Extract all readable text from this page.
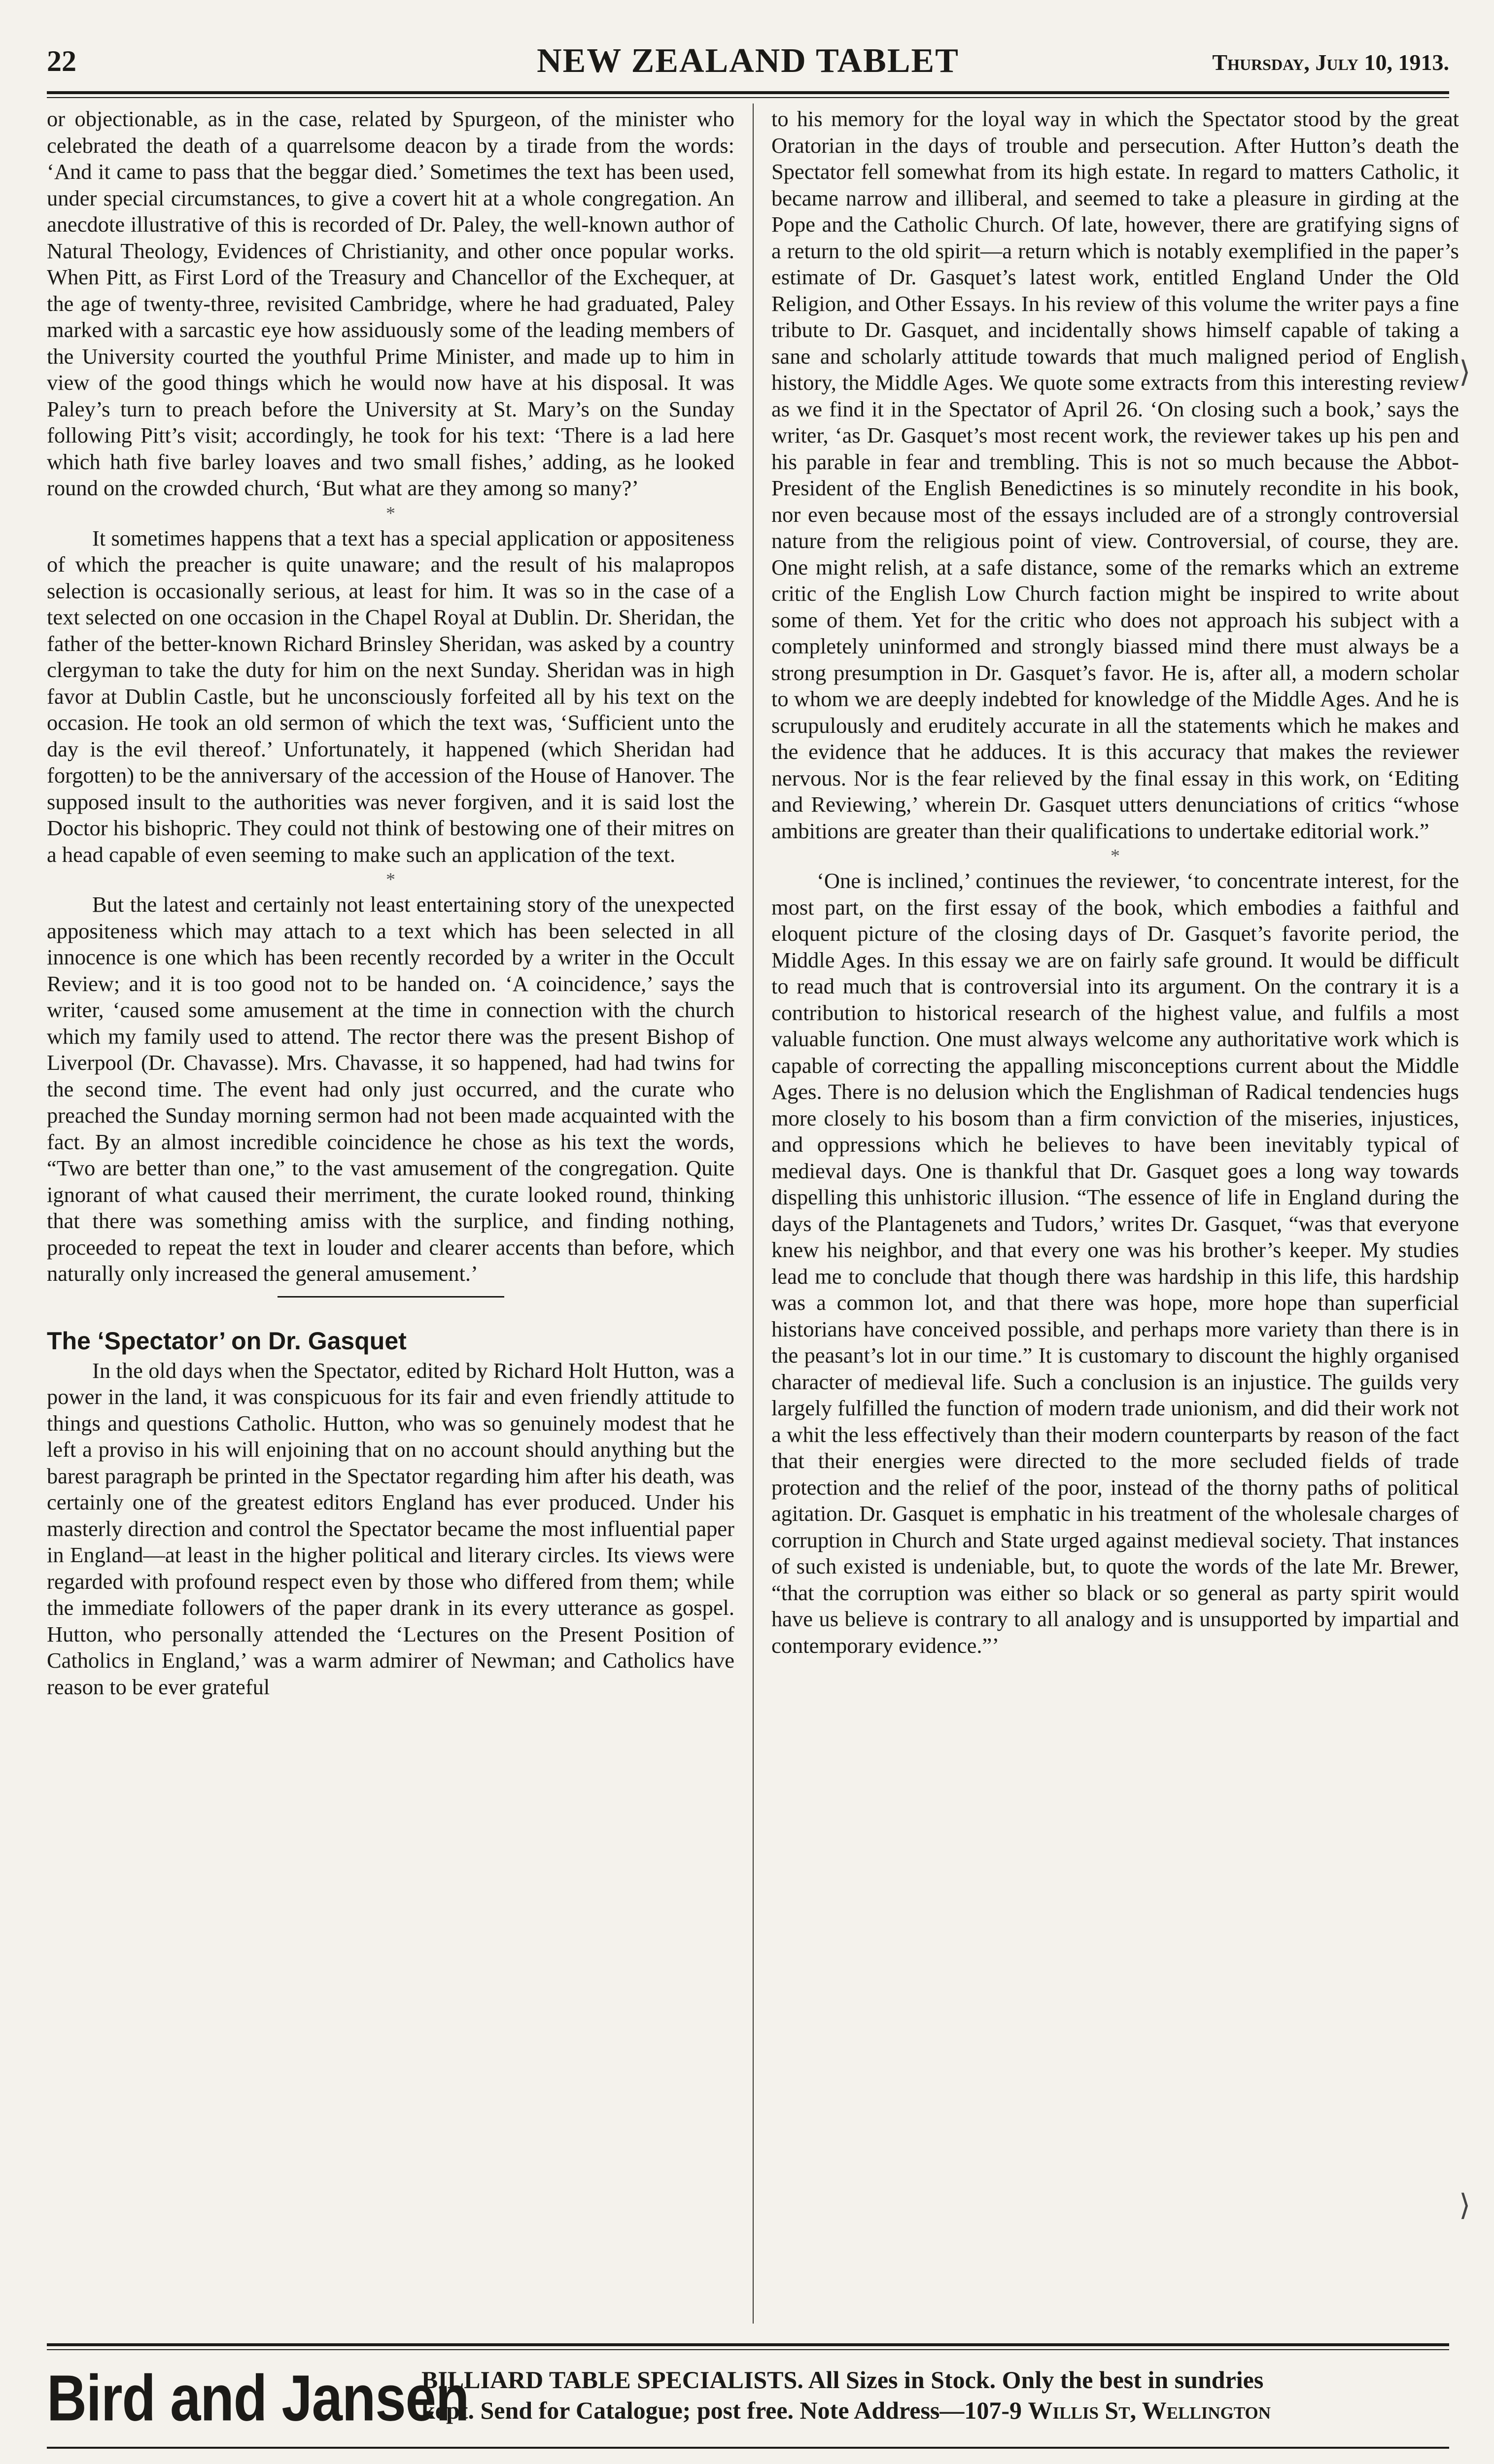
22	NEW ZEALAND TABLET	Thursday, July 10, 1913.

or objectionable, as in the case, related by Spurgeon, of the minister who celebrated the death of a quarrelsome deacon by a tirade from the words: ‘And it came to pass that the beggar died.’ Sometimes the text has been used, under special circumstances, to give a covert hit at a whole congregation. An anecdote illustrative of this is recorded of Dr. Paley, the well-known author of Natural Theology, Evidences of Christianity, and other once popular works. When Pitt, as First Lord of the Treasury and Chancellor of the Exchequer, at the age of twenty-three, revisited Cambridge, where he had graduated, Paley marked with a sarcastic eye how assiduously some of the leading members of the University courted the youthful Prime Minister, and made up to him in view of the good things which he would now have at his disposal. It was Paley’s turn to preach before the University at St. Mary’s on the Sunday following Pitt’s visit; accordingly, he took for his text: ‘There is a lad here which hath five barley loaves and two small fishes,’ adding, as he looked round on the crowded church, ‘But what are they among so many?’

*

It sometimes happens that a text has a special application or appositeness of which the preacher is quite unaware; and the result of his malapropos selection is occasionally serious, at least for him. It was so in the case of a text selected on one occasion in the Chapel Royal at Dublin. Dr. Sheridan, the father of the better-known Richard Brinsley Sheridan, was asked by a country clergyman to take the duty for him on the next Sunday. Sheridan was in high favor at Dublin Castle, but he unconsciously forfeited all by his text on the occasion. He took an old sermon of which the text was, ‘Sufficient unto the day is the evil thereof.’ Unfortunately, it happened (which Sheridan had forgotten) to be the anniversary of the accession of the House of Hanover. The supposed insult to the authorities was never forgiven, and it is said lost the Doctor his bishopric. They could not think of bestowing one of their mitres on a head capable of even seeming to make such an application of the text.

*

But the latest and certainly not least entertaining story of the unexpected appositeness which may attach to a text which has been selected in all innocence is one which has been recently recorded by a writer in the Occult Review; and it is too good not to be handed on. ‘A coincidence,’ says the writer, ‘caused some amusement at the time in connection with the church which my family used to attend. The rector there was the present Bishop of Liverpool (Dr. Chavasse). Mrs. Chavasse, it so happened, had had twins for the second time. The event had only just occurred, and the curate who preached the Sunday morning sermon had not been made acquainted with the fact. By an almost incredible coincidence he chose as his text the words, “Two are better than one,” to the vast amusement of the congregation. Quite ignorant of what caused their merriment, the curate looked round, thinking that there was something amiss with the surplice, and finding nothing, proceeded to repeat the text in louder and clearer accents than before, which naturally only increased the general amusement.’

The ‘Spectator’ on Dr. Gasquet

In the old days when the Spectator, edited by Richard Holt Hutton, was a power in the land, it was conspicuous for its fair and even friendly attitude to things and questions Catholic. Hutton, who was so genuinely modest that he left a proviso in his will enjoining that on no account should anything but the barest paragraph be printed in the Spectator regarding him after his death, was certainly one of the greatest editors England has ever produced. Under his masterly direction and control the Spectator became the most influential paper in England—at least in the higher political and literary circles. Its views were regarded with profound respect even by those who differed from them; while the immediate followers of the paper drank in its every utterance as gospel. Hutton, who personally attended the ‘Lectures on the Present Position of Catholics in England,’ was a warm admirer of Newman; and Catholics have reason to be ever grateful

to his memory for the loyal way in which the Spectator stood by the great Oratorian in the days of trouble and persecution. After Hutton’s death the Spectator fell somewhat from its high estate. In regard to matters Catholic, it became narrow and illiberal, and seemed to take a pleasure in girding at the Pope and the Catholic Church. Of late, however, there are gratifying signs of a return to the old spirit—a return which is notably exemplified in the paper’s estimate of Dr. Gasquet’s latest work, entitled England Under the Old Religion, and Other Essays. In his review of this volume the writer pays a fine tribute to Dr. Gasquet, and incidentally shows himself capable of taking a sane and scholarly attitude towards that much maligned period of English history, the Middle Ages. We quote some extracts from this interesting review as we find it in the Spectator of April 26. ‘On closing such a book,’ says the writer, ‘as Dr. Gasquet’s most recent work, the reviewer takes up his pen and his parable in fear and trembling. This is not so much because the Abbot-President of the English Benedictines is so minutely recondite in his book, nor even because most of the essays included are of a strongly controversial nature from the religious point of view. Controversial, of course, they are. One might relish, at a safe distance, some of the remarks which an extreme critic of the English Low Church faction might be inspired to write about some of them. Yet for the critic who does not approach his subject with a completely uninformed and strongly biassed mind there must always be a strong presumption in Dr. Gasquet’s favor. He is, after all, a modern scholar to whom we are deeply indebted for knowledge of the Middle Ages. And he is scrupulously and eruditely accurate in all the statements which he makes and the evidence that he adduces. It is this accuracy that makes the reviewer nervous. Nor is the fear relieved by the final essay in this work, on ‘Editing and Reviewing,’ wherein Dr. Gasquet utters denunciations of critics “whose ambitions are greater than their qualifications to undertake editorial work.”

*

‘One is inclined,’ continues the reviewer, ‘to concentrate interest, for the most part, on the first essay of the book, which embodies a faithful and eloquent picture of the closing days of Dr. Gasquet’s favorite period, the Middle Ages. In this essay we are on fairly safe ground. It would be difficult to read much that is controversial into its argument. On the contrary it is a contribution to historical research of the highest value, and fulfils a most valuable function. One must always welcome any authoritative work which is capable of correcting the appalling misconceptions current about the Middle Ages. There is no delusion which the Englishman of Radical tendencies hugs more closely to his bosom than a firm conviction of the miseries, injustices, and oppressions which he believes to have been inevitably typical of medieval days. One is thankful that Dr. Gasquet goes a long way towards dispelling this unhistoric illusion. “The essence of life in England during the days of the Plantagenets and Tudors,’ writes Dr. Gasquet, “was that everyone knew his neighbor, and that every one was his brother’s keeper. My studies lead me to conclude that though there was hardship in this life, this hardship was a common lot, and that there was hope, more hope than superficial historians have conceived possible, and perhaps more variety than there is in the peasant’s lot in our time.” It is customary to discount the highly organised character of medieval life. Such a conclusion is an injustice. The guilds very largely fulfilled the function of modern trade unionism, and did their work not a whit the less effectively than their modern counterparts by reason of the fact that their energies were directed to the more secluded fields of trade protection and the relief of the poor, instead of the thorny paths of political agitation. Dr. Gasquet is emphatic in his treatment of the wholesale charges of corruption in Church and State urged against medieval society. That instances of such existed is undeniable, but, to quote the words of the late Mr. Brewer, “that the corruption was either so black or so general as party spirit would have us believe is contrary to all analogy and is unsupported by impartial and contemporary evidence.”’

⟩
⟩
Bird and Jansen
BILLIARD TABLE SPECIALISTS. All Sizes in Stock. Only the best in sundries
kept. Send for Catalogue; post free. Note Address—107-9 Willis St, Wellington
